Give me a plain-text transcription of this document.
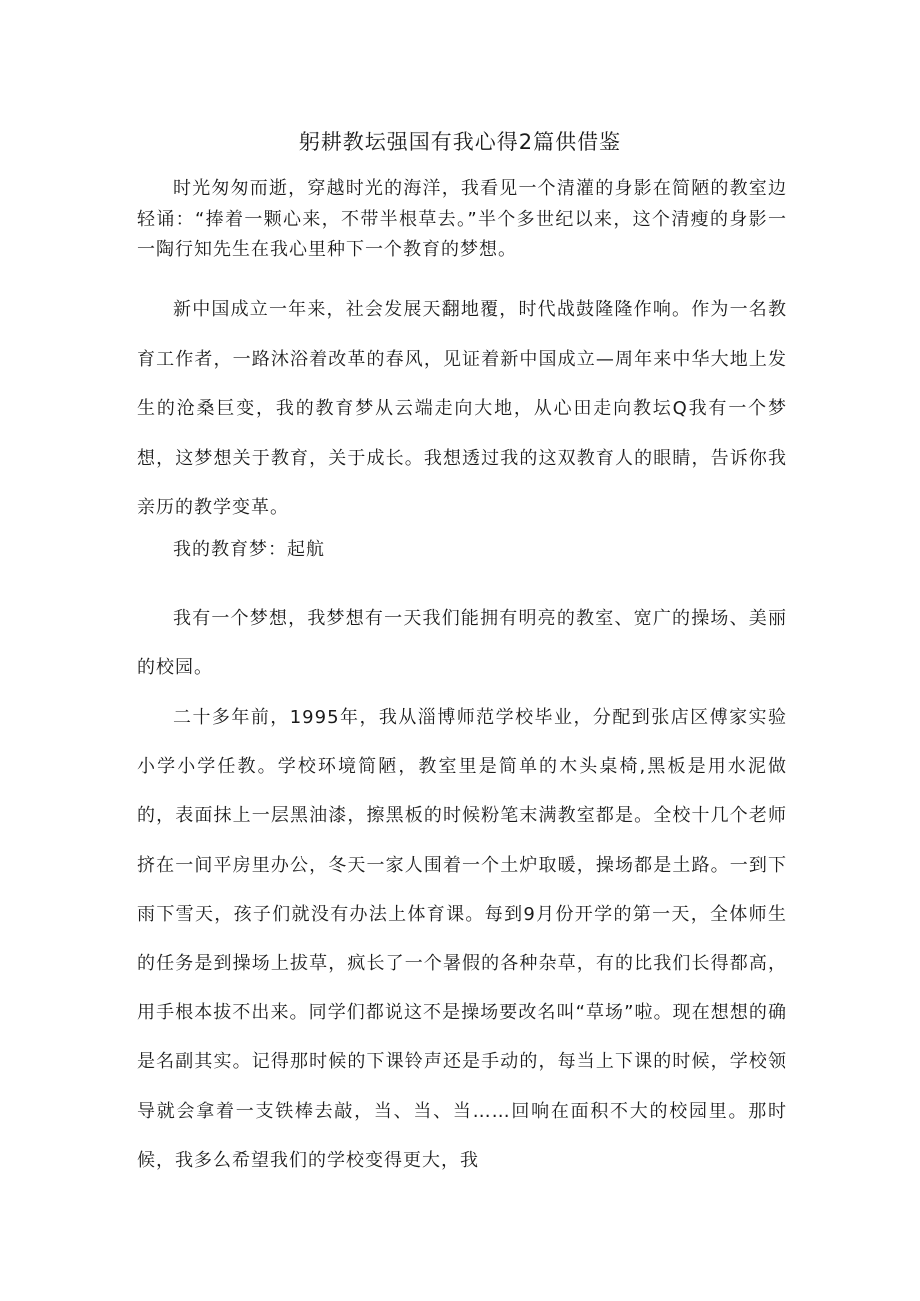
躬耕教坛强国有我心得2篇供借鉴

时光匆匆而逝，穿越时光的海洋，我看见一个清灌的身影在简陋的教室边轻诵：“捧着一颗心来，不带半根草去。”半个多世纪以来，这个清瘦的身影一一陶行知先生在我心里种下一个教育的梦想。

新中国成立一年来，社会发展天翻地覆，时代战鼓隆隆作响。作为一名教育工作者，一路沐浴着改革的春风，见证着新中国成立—周年来中华大地上发生的沧桑巨变，我的教育梦从云端走向大地，从心田走向教坛Q我有一个梦想，这梦想关于教育，关于成长。我想透过我的这双教育人的眼睛，告诉你我亲历的教学变革。

我的教育梦：起航

我有一个梦想，我梦想有一天我们能拥有明亮的教室、宽广的操场、美丽的校园。

二十多年前，1995年，我从淄博师范学校毕业，分配到张店区傅家实验小学小学任教。学校环境简陋，教室里是简单的木头桌椅,黑板是用水泥做的，表面抹上一层黑油漆，擦黑板的时候粉笔末满教室都是。全校十几个老师挤在一间平房里办公，冬天一家人围着一个土炉取暖，操场都是土路。一到下雨下雪天，孩子们就没有办法上体育课。每到9月份开学的第一天，全体师生的任务是到操场上拔草，疯长了一个暑假的各种杂草，有的比我们长得都高，用手根本拔不出来。同学们都说这不是操场要改名叫“草场”啦。现在想想的确是名副其实。记得那时候的下课铃声还是手动的，每当上下课的时候，学校领导就会拿着一支铁棒去敲，当、当、当……回响在面积不大的校园里。那时候，我多么希望我们的学校变得更大，我
